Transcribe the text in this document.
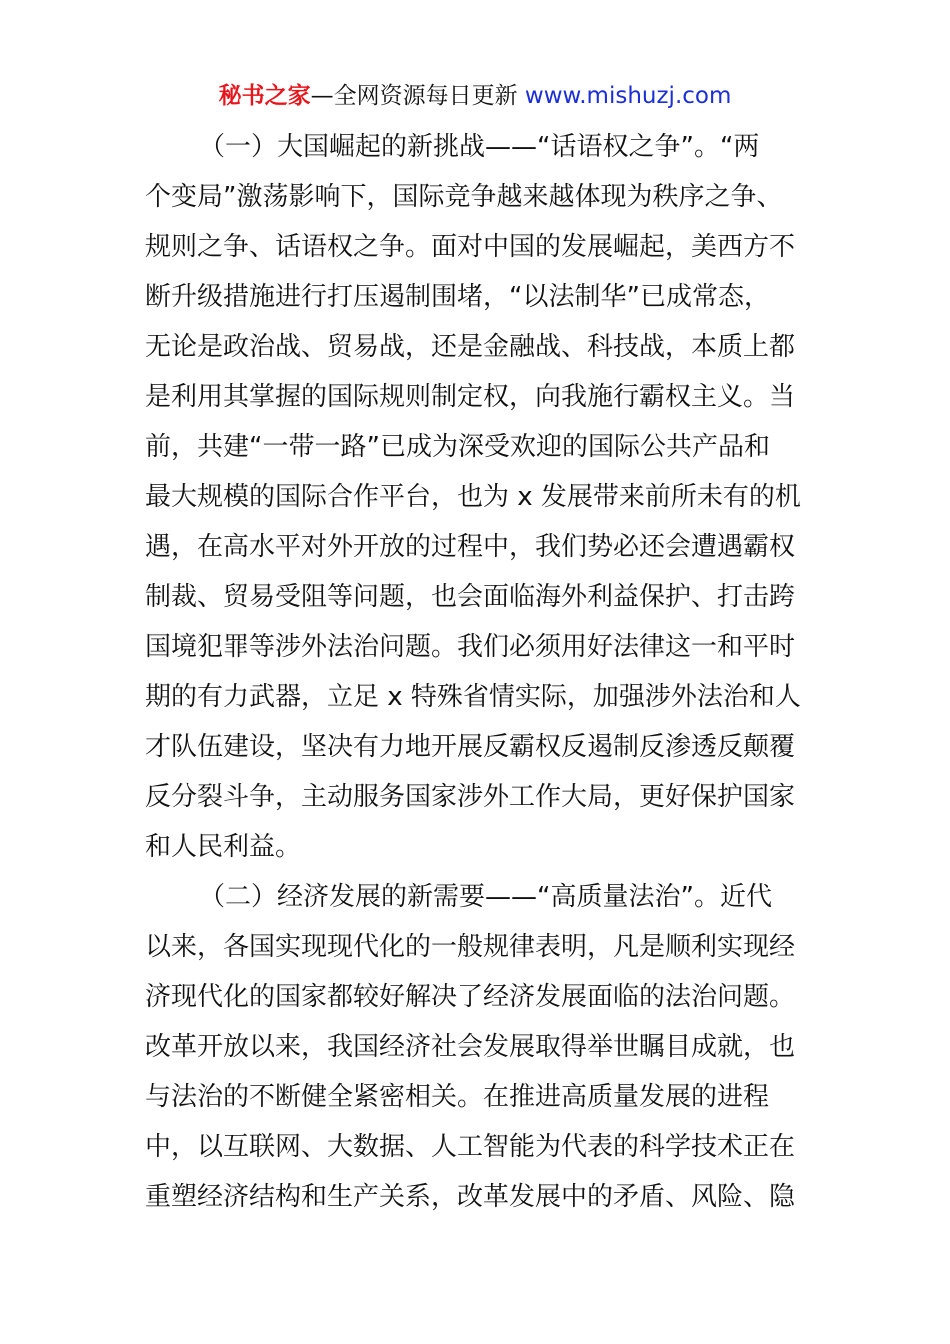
秘书之家—全网资源每日更新 www.mishuzj.com
（一）大国崛起的新挑战——“话语权之争”。“两
个变局”激荡影响下，国际竞争越来越体现为秩序之争、
规则之争、话语权之争。面对中国的发展崛起，美西方不
断升级措施进行打压遏制围堵，“以法制华”已成常态，
无论是政治战、贸易战，还是金融战、科技战，本质上都
是利用其掌握的国际规则制定权，向我施行霸权主义。当
前，共建“一带一路”已成为深受欢迎的国际公共产品和
最大规模的国际合作平台，也为 x 发展带来前所未有的机
遇，在高水平对外开放的过程中，我们势必还会遭遇霸权
制裁、贸易受阻等问题，也会面临海外利益保护、打击跨
国境犯罪等涉外法治问题。我们必须用好法律这一和平时
期的有力武器，立足 x 特殊省情实际，加强涉外法治和人
才队伍建设，坚决有力地开展反霸权反遏制反渗透反颠覆
反分裂斗争，主动服务国家涉外工作大局，更好保护国家
和人民利益。
（二）经济发展的新需要——“高质量法治”。近代
以来，各国实现现代化的一般规律表明，凡是顺利实现经
济现代化的国家都较好解决了经济发展面临的法治问题。
改革开放以来，我国经济社会发展取得举世瞩目成就，也
与法治的不断健全紧密相关。在推进高质量发展的进程
中，以互联网、大数据、人工智能为代表的科学技术正在
重塑经济结构和生产关系，改革发展中的矛盾、风险、隐
